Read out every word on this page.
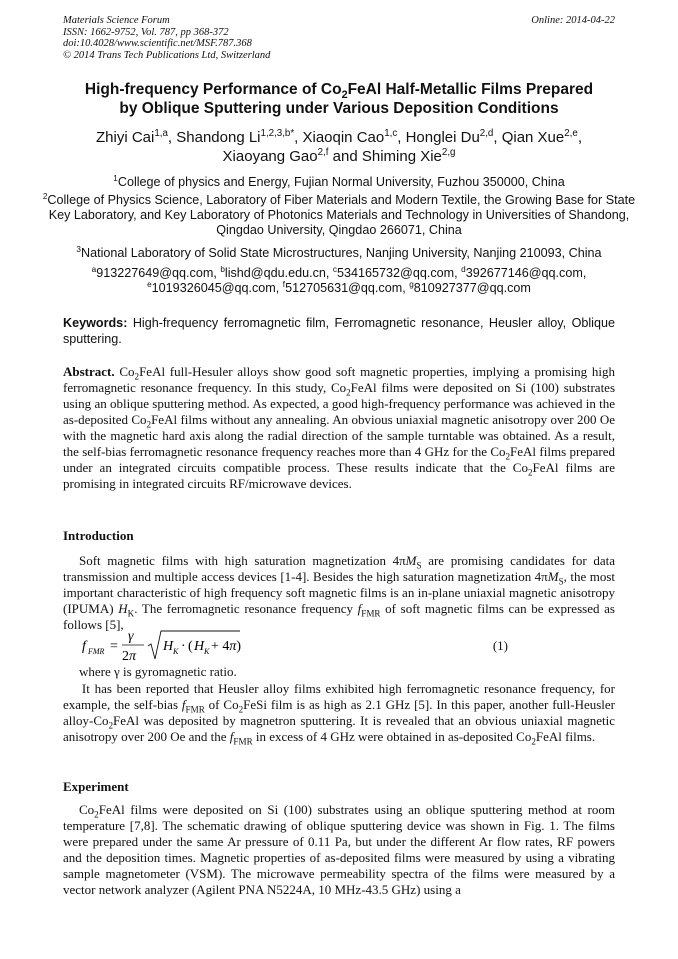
Materials Science Forum
ISSN: 1662-9752, Vol. 787, pp 368-372
doi:10.4028/www.scientific.net/MSF.787.368
© 2014 Trans Tech Publications Ltd, Switzerland
Online: 2014-04-22
High-frequency Performance of $Co_2FeAl$ Half-Metallic Films Prepared
by Oblique Sputtering under Various Deposition Conditions
Zhiyi Cai$^{1,a}$, Shandong $Li^{1,2,3,b*}$, Xiaoqin Cao$^{1,c}$, Honglei Du$^{2,d}$, Qian Xue$^{2,e}$,
Xiaoyang Gao$^{2,f}$ and Shiming Xie$^{2,g}$
$^1$College of physics and Energy, Fujian Normal University, Fuzhou 350000, China
$^2$College of Physics Science, Laboratory of Fiber Materials and Modern Textile, the Growing Base for State Key Laboratory, and Key Laboratory of Photonics Materials and Technology in Universities of Shandong, Qingdao University, Qingdao 266071, China
$^3$National Laboratory of Solid State Microstructures, Nanjing University, Nanjing 210093, China
$^a$913227649@qq.com, $^b$lishd@qdu.edu.cn, $^c$534165732@qq.com, $^d$392677146@qq.com,
$^e$1019326045@qq.com, $^f$512705631@qq.com, $^g$810927377@qq.com
Keywords: High-frequency ferromagnetic film, Ferromagnetic resonance, Heusler alloy, Oblique sputtering.
Abstract. $Co_2FeAl$ full-Hesuler alloys show good soft magnetic properties, implying a promising high ferromagnetic resonance frequency. In this study, $Co_2FeAl$ films were deposited on Si (100) substrates using an oblique sputtering method. As expected, a good high-frequency performance was achieved in the as-deposited $Co_2FeAl$ films without any annealing. An obvious uniaxial magnetic anisotropy over 200 Oe with the magnetic hard axis along the radial direction of the sample turntable was obtained. As a result, the self-bias ferromagnetic resonance frequency reaches more than 4 GHz for the $Co_2FeAl$ films prepared under an integrated circuits compatible process. These results indicate that the $Co_2FeAl$ films are promising in integrated circuits RF/microwave devices.
Introduction
Soft magnetic films with high saturation magnetization $4\pi M_S$ are promising candidates for data transmission and multiple access devices [1-4]. Besides the high saturation magnetization $4\pi M_S$, the most important characteristic of high frequency soft magnetic films is an in-plane uniaxial magnetic anisotropy (IPUMA) $H_K$. The ferromagnetic resonance frequency $f_{FMR}$ of soft magnetic films can be expressed as follows [5],
f FMR =
γ
2π
H K · ( H K + 4π)	(1)
where γ is gyromagnetic ratio.
It has been reported that Heusler alloy films exhibited high ferromagnetic resonance frequency, for example, the self-bias $f_{FMR}$ of $Co_2FeSi$ film is as high as 2.1 GHz [5]. In this paper, another full-Heusler alloy-$Co_2FeAl$ was deposited by magnetron sputtering. It is revealed that an obvious uniaxial magnetic anisotropy over 200 Oe and the $f_{FMR}$ in excess of 4 GHz were obtained in as-deposited $Co_2FeAl$ films.
Experiment
$Co_2FeAl$ films were deposited on Si (100) substrates using an oblique sputtering method at room temperature [7,8]. The schematic drawing of oblique sputtering device was shown in Fig. 1. The films were prepared under the same Ar pressure of 0.11 Pa, but under the different Ar flow rates, RF powers and the deposition times. Magnetic properties of as-deposited films were measured by using a vibrating sample magnetometer (VSM). The microwave permeability spectra of the films were measured by a vector network analyzer (Agilent PNA N5224A, 10 MHz-43.5 GHz) using a
